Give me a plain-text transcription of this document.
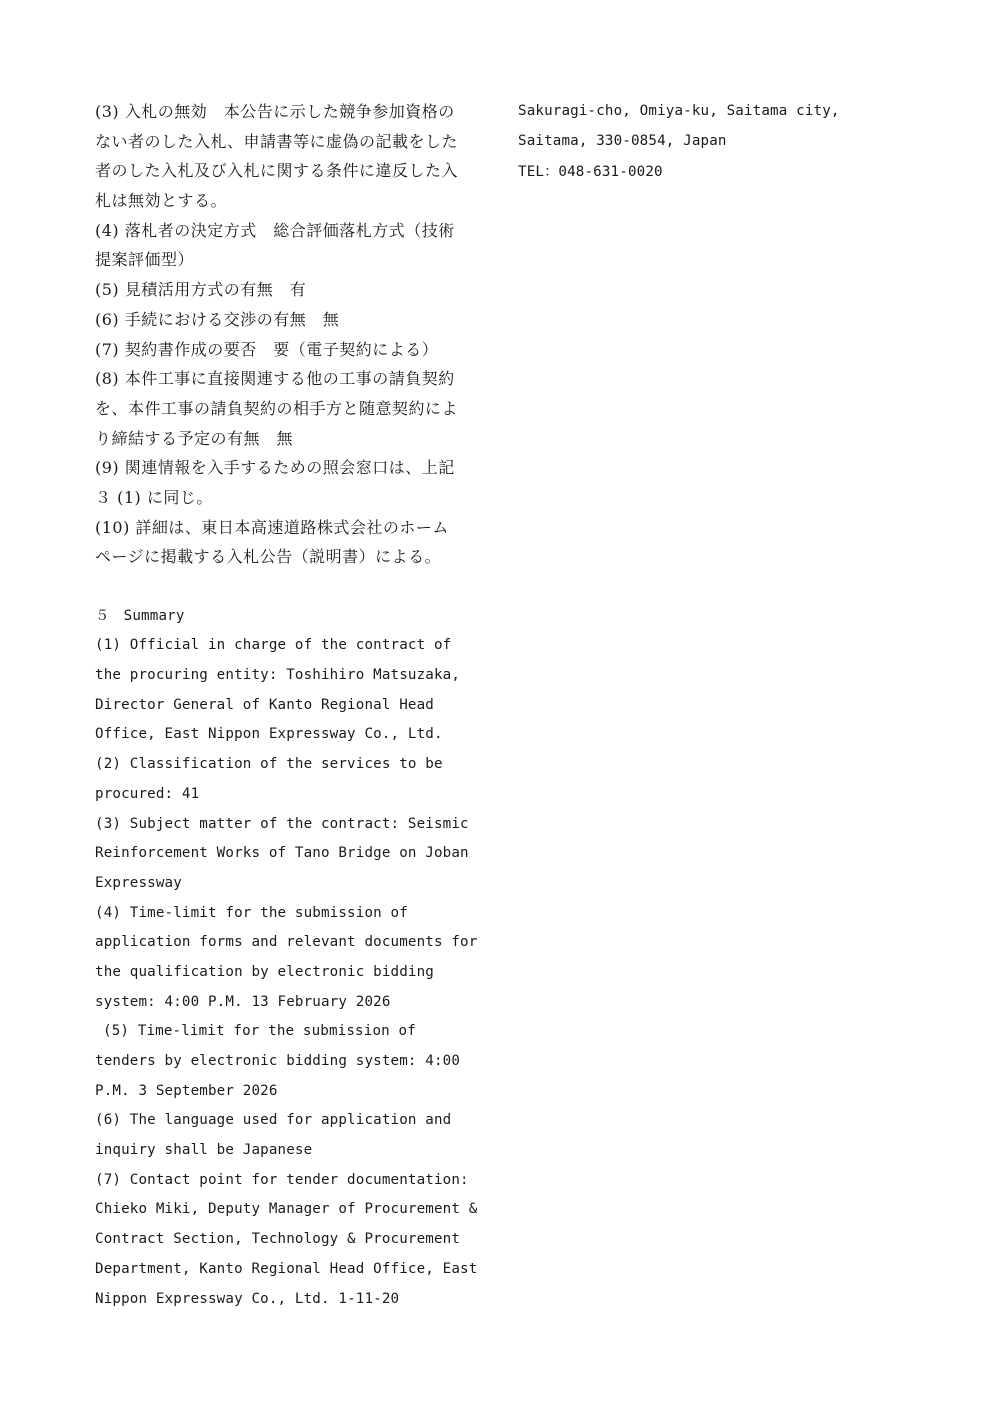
(3) 入札の無効　本公告に示した競争参加資格の
ない者のした入札、申請書等に虚偽の記載をした
者のした入札及び入札に関する条件に違反した入
札は無効とする。
(4) 落札者の決定方式　総合評価落札方式（技術
提案評価型）
(5) 見積活用方式の有無　有
(6) 手続における交渉の有無　無
(7) 契約書作成の要否　要（電子契約による）
(8) 本件工事に直接関連する他の工事の請負契約
を、本件工事の請負契約の相手方と随意契約によ
り締結する予定の有無　無
(9) 関連情報を入手するための照会窓口は、上記
３ (1) に同じ。
(10) 詳細は、東日本高速道路株式会社のホーム
ページに掲載する入札公告（説明書）による。
５　Summary
(1) Official in charge of the contract of
the procuring entity: Toshihiro Matsuzaka,
Director General of Kanto Regional Head
Office, East Nippon Expressway Co., Ltd.
(2) Classification of the services to be
procured: 41
(3) Subject matter of the contract: Seismic
Reinforcement Works of Tano Bridge on Joban
Expressway
(4) Time-limit for the submission of
application forms and relevant documents for
the qualification by electronic bidding
system: 4:00 P.M. 13 February 2026
(5) Time-limit for the submission of
tenders by electronic bidding system: 4:00
P.M. 3 September 2026
(6) The language used for application and
inquiry shall be Japanese
(7) Contact point for tender documentation:
Chieko Miki, Deputy Manager of Procurement &
Contract Section, Technology & Procurement
Department, Kanto Regional Head Office, East
Nippon Expressway Co., Ltd. 1-11-20
Sakuragi-cho, Omiya-ku, Saitama city,
Saitama, 330-0854, Japan
TEL：048-631-0020
